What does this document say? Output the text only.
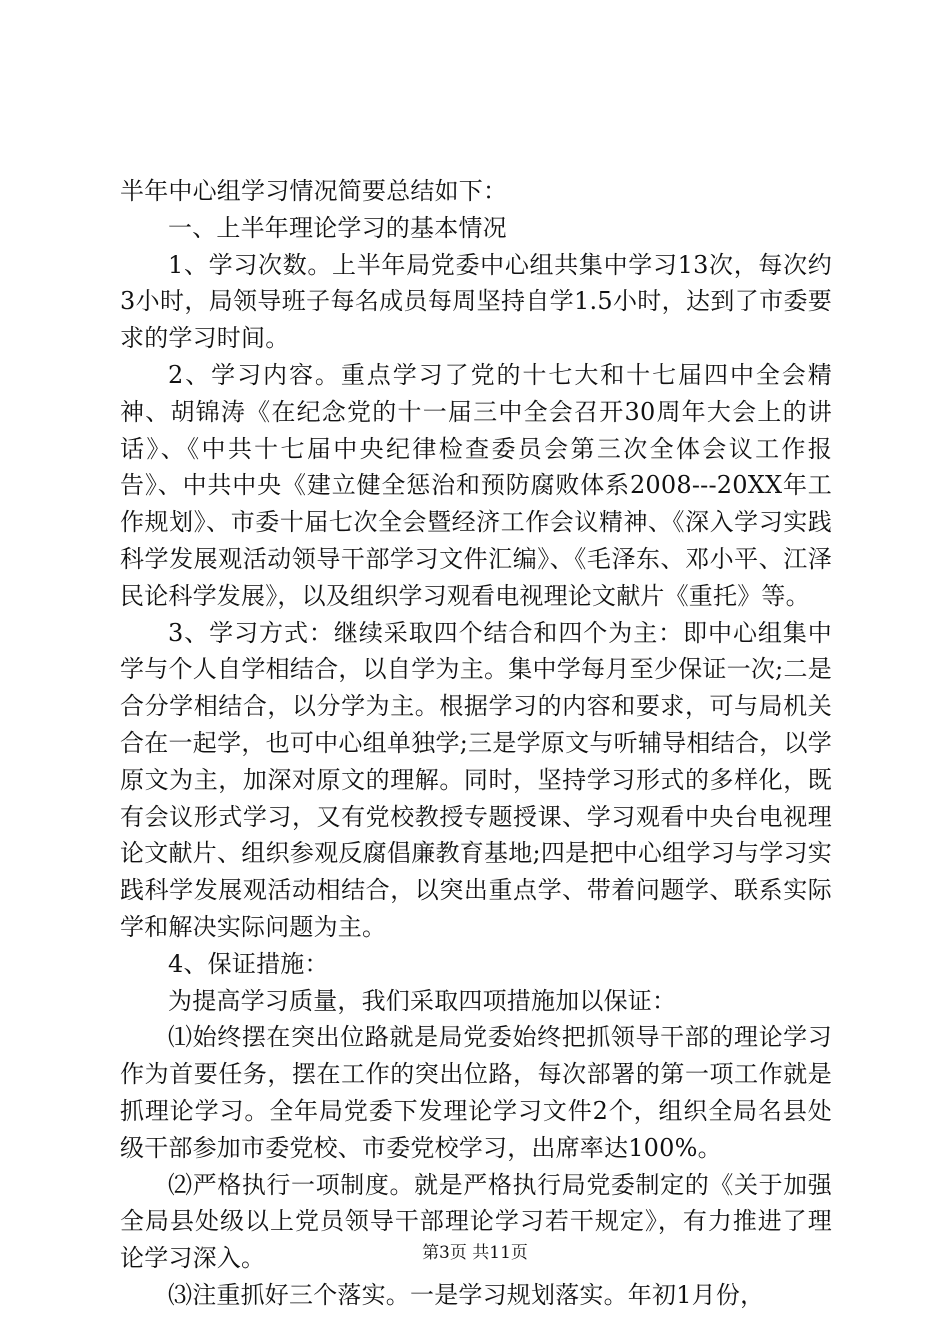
半年中心组学习情况简要总结如下：

一、上半年理论学习的基本情况

1、学习次数。上半年局党委中心组共集中学习13次，每次约3小时，局领导班子每名成员每周坚持自学1.5小时，达到了市委要求的学习时间。

2、学习内容。重点学习了党的十七大和十七届四中全会精神、胡锦涛《在纪念党的十一届三中全会召开30周年大会上的讲话》、《中共十七届中央纪律检查委员会第三次全体会议工作报告》、中共中央《建立健全惩治和预防腐败体系2008---20XX年工作规划》、市委十届七次全会暨经济工作会议精神、《深入学习实践科学发展观活动领导干部学习文件汇编》、《毛泽东、邓小平、江泽民论科学发展》，以及组织学习观看电视理论文献片《重托》等。

3、学习方式：继续采取四个结合和四个为主：即中心组集中学与个人自学相结合，以自学为主。集中学每月至少保证一次;二是合分学相结合，以分学为主。根据学习的内容和要求，可与局机关合在一起学，也可中心组单独学;三是学原文与听辅导相结合，以学原文为主，加深对原文的理解。同时，坚持学习形式的多样化，既有会议形式学习，又有党校教授专题授课、学习观看中央台电视理论文献片、组织参观反腐倡廉教育基地;四是把中心组学习与学习实践科学发展观活动相结合，以突出重点学、带着问题学、联系实际学和解决实际问题为主。

4、保证措施：

为提高学习质量，我们采取四项措施加以保证：

⑴始终摆在突出位路就是局党委始终把抓领导干部的理论学习作为首要任务，摆在工作的突出位路，每次部署的第一项工作就是抓理论学习。全年局党委下发理论学习文件2个，组织全局名县处级干部参加市委党校、市委党校学习，出席率达100%。

⑵严格执行一项制度。就是严格执行局党委制定的《关于加强全局县处级以上党员领导干部理论学习若干规定》，有力推进了理论学习深入。

⑶注重抓好三个落实。一是学习规划落实。年初1月份，

第3页 共11页
